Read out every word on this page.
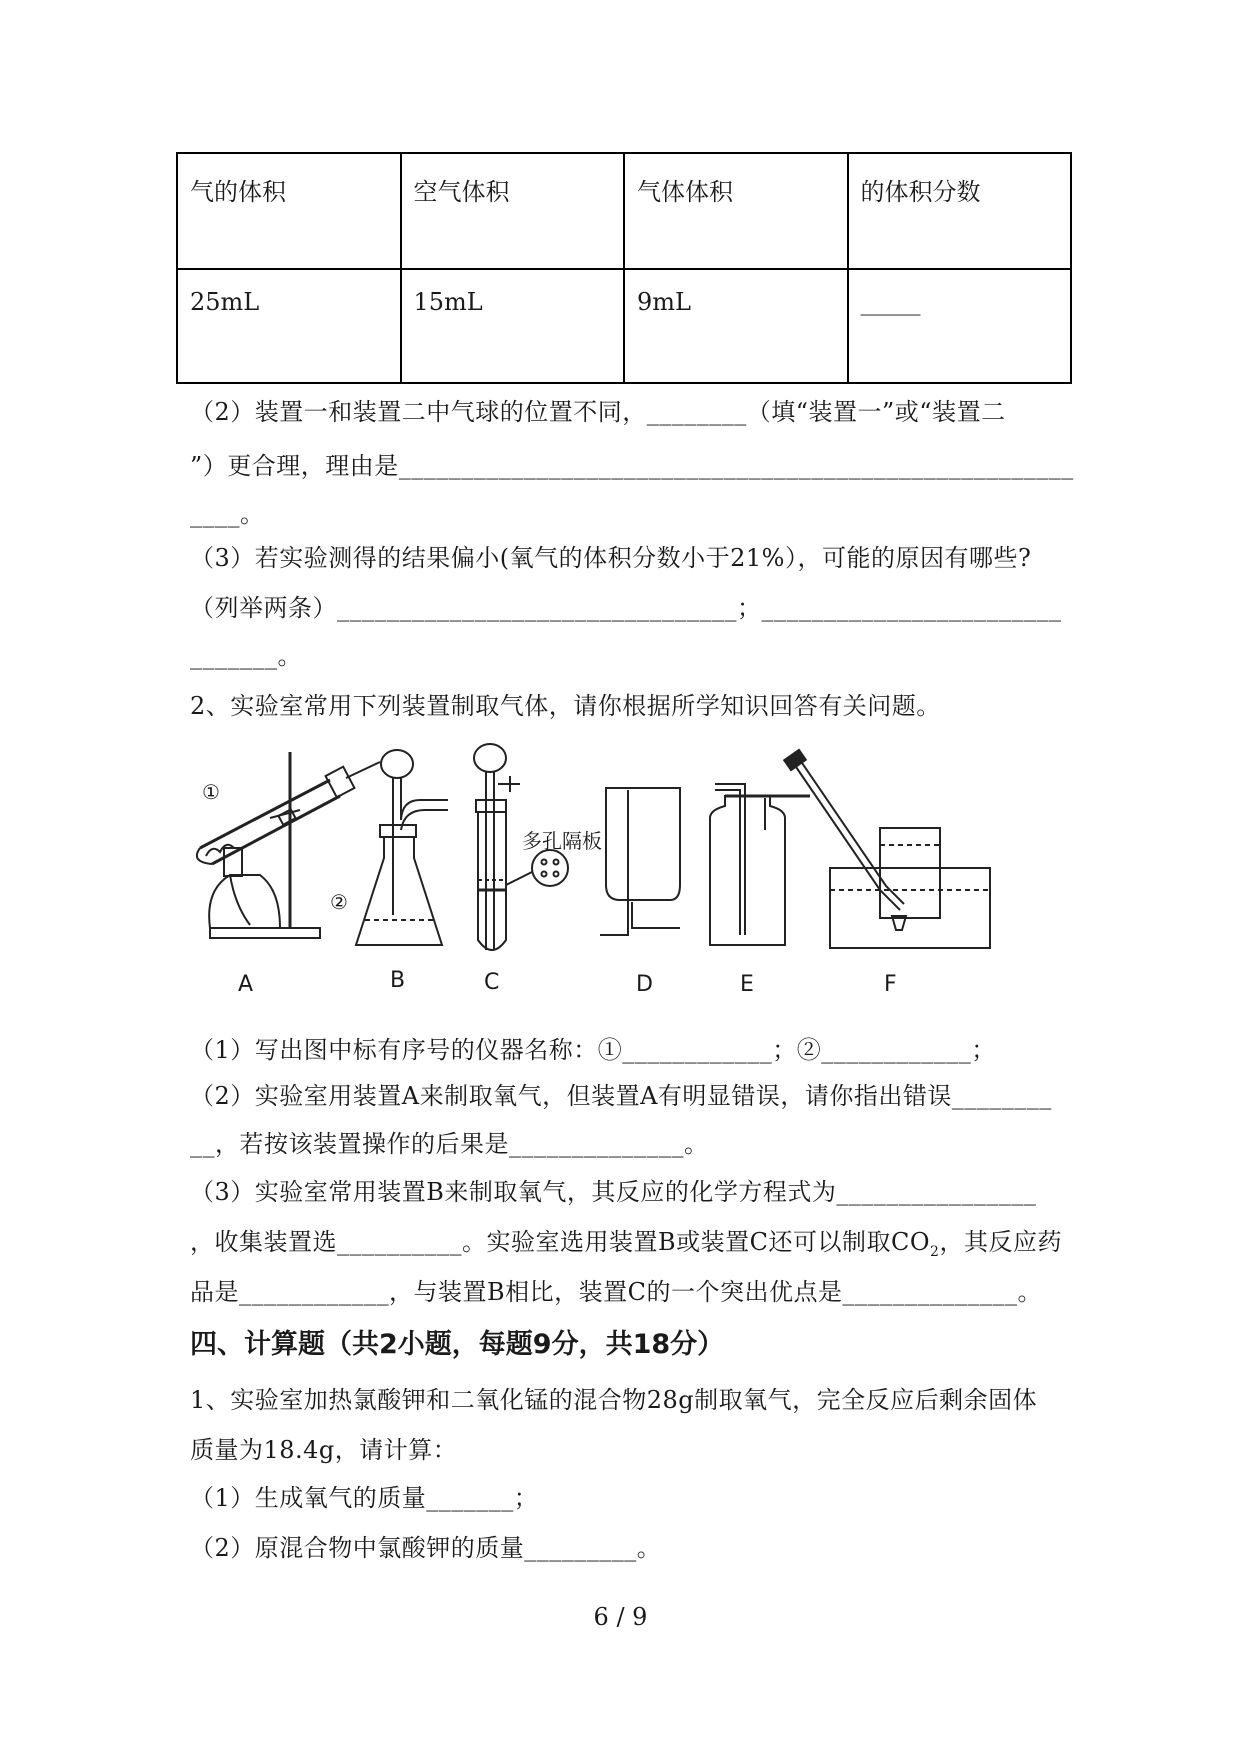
气的体积	空气体积	气体体积	的体积分数
25mL	15mL	9mL	_____
（2）装置一和装置二中气球的位置不同，________（填“装置一”或“装置二
”）更合理，理由是______________________________________________________
____。
（3）若实验测得的结果偏小(氧气的体积分数小于21%），可能的原因有哪些?
（列举两条）________________________________；________________________
_______。
2、实验室常用下列装置制取气体，请你根据所学知识回答有关问题。
①
②
多孔隔板
A	B	C	D	E	F
（1）写出图中标有序号的仪器名称：①____________；②____________；
（2）实验室用装置A来制取氧气，但装置A有明显错误，请你指出错误________
__，若按该装置操作的后果是______________。
（3）实验室常用装置B来制取氧气，其反应的化学方程式为________________
，收集装置选__________。实验室选用装置B或装置C还可以制取$CO_2$，其反应药
品是____________，与装置B相比，装置C的一个突出优点是______________。
四、计算题（共2小题，每题9分，共18分）
1、实验室加热氯酸钾和二氧化锰的混合物28g制取氧气，完全反应后剩余固体
质量为18.4g，请计算：
（1）生成氧气的质量_______；
（2）原混合物中氯酸钾的质量_________。
6 / 9
